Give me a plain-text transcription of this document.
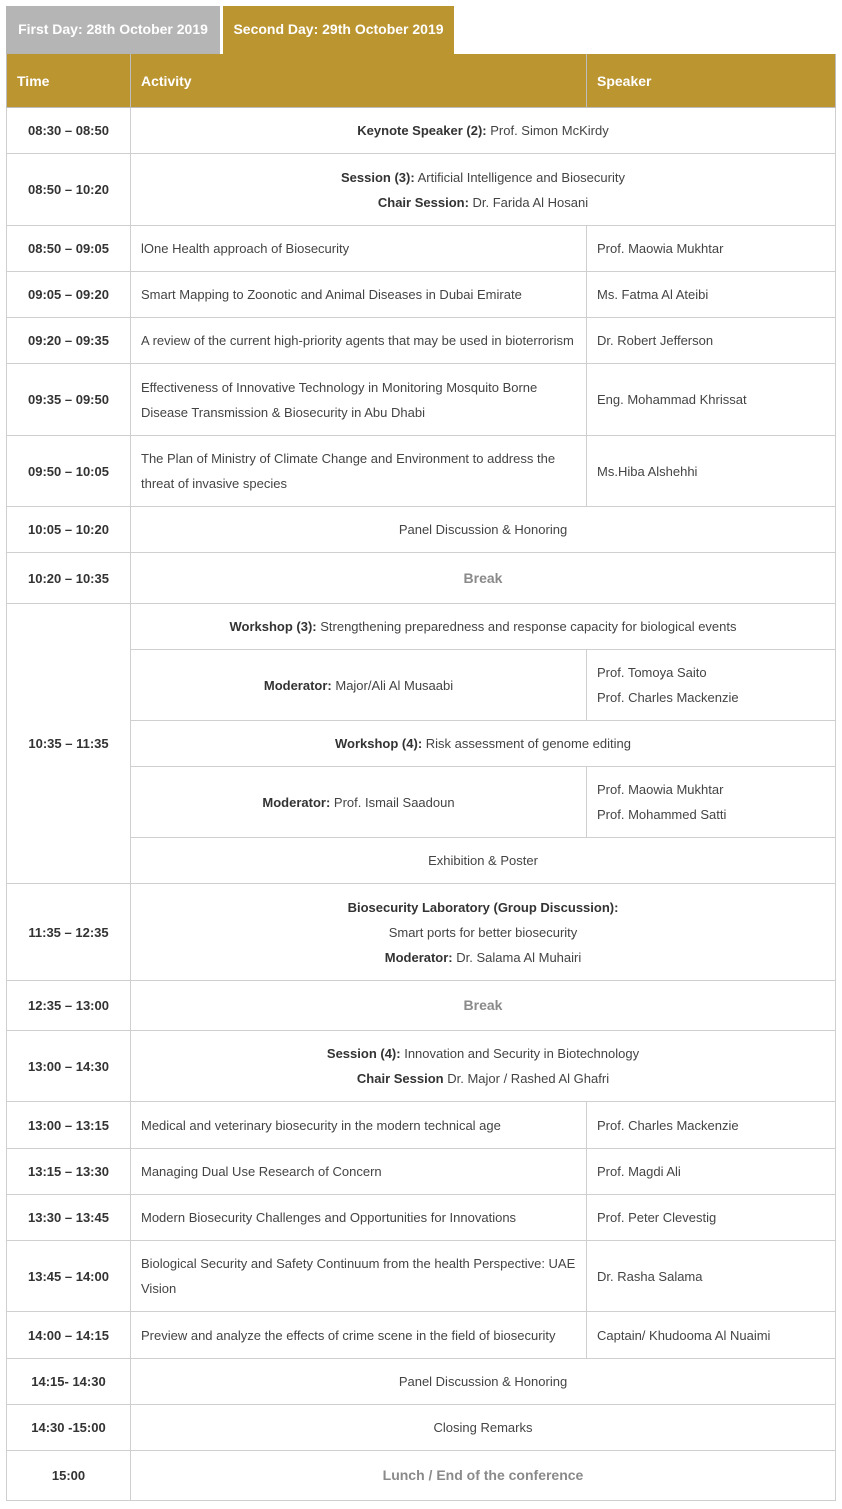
First Day: 28th October 2019	Second Day: 29th October 2019
Time	Activity	Speaker
08:30 – 08:50	Keynote Speaker (2): Prof. Simon McKirdy	
08:50 – 10:20	Session (3): Artificial Intelligence and Biosecurity
Chair Session: Dr. Farida Al Hosani	
08:50 – 09:05	lOne Health approach of Biosecurity	Prof. Maowia Mukhtar
09:05 – 09:20	Smart Mapping to Zoonotic and Animal Diseases in Dubai Emirate	Ms. Fatma Al Ateibi
09:20 – 09:35	A review of the current high-priority agents that may be used in bioterrorism	Dr. Robert Jefferson
09:35 – 09:50	Effectiveness of Innovative Technology in Monitoring Mosquito Borne Disease Transmission & Biosecurity in Abu Dhabi	Eng. Mohammad Khrissat
09:50 – 10:05	The Plan of Ministry of Climate Change and Environment to address the threat of invasive species	Ms.Hiba Alshehhi
10:05 – 10:20	Panel Discussion & Honoring	
10:20 – 10:35	Break	
10:35 – 11:35	Workshop (3): Strengthening preparedness and response capacity for biological events	
	Moderator: Major/Ali Al Musaabi	Prof. Tomoya Saito
Prof. Charles Mackenzie
	Workshop (4): Risk assessment of genome editing	
	Moderator: Prof. Ismail Saadoun	Prof. Maowia Mukhtar
Prof. Mohammed Satti
	Exhibition & Poster	
11:35 – 12:35	Biosecurity Laboratory (Group Discussion):
Smart ports for better biosecurity
Moderator: Dr. Salama Al Muhairi	
12:35 – 13:00	Break	
13:00 – 14:30	Session (4): Innovation and Security in Biotechnology
Chair Session Dr. Major / Rashed Al Ghafri	
13:00 – 13:15	Medical and veterinary biosecurity in the modern technical age	Prof. Charles Mackenzie
13:15 – 13:30	Managing Dual Use Research of Concern	Prof. Magdi Ali
13:30 – 13:45	Modern Biosecurity Challenges and Opportunities for Innovations	Prof. Peter Clevestig
13:45 – 14:00	Biological Security and Safety Continuum from the health Perspective: UAE Vision	Dr. Rasha Salama
14:00 – 14:15	Preview and analyze the effects of crime scene in the field of biosecurity	Captain/ Khudooma Al Nuaimi
14:15- 14:30	Panel Discussion & Honoring	
14:30 -15:00	Closing Remarks	
15:00	Lunch / End of the conference	
